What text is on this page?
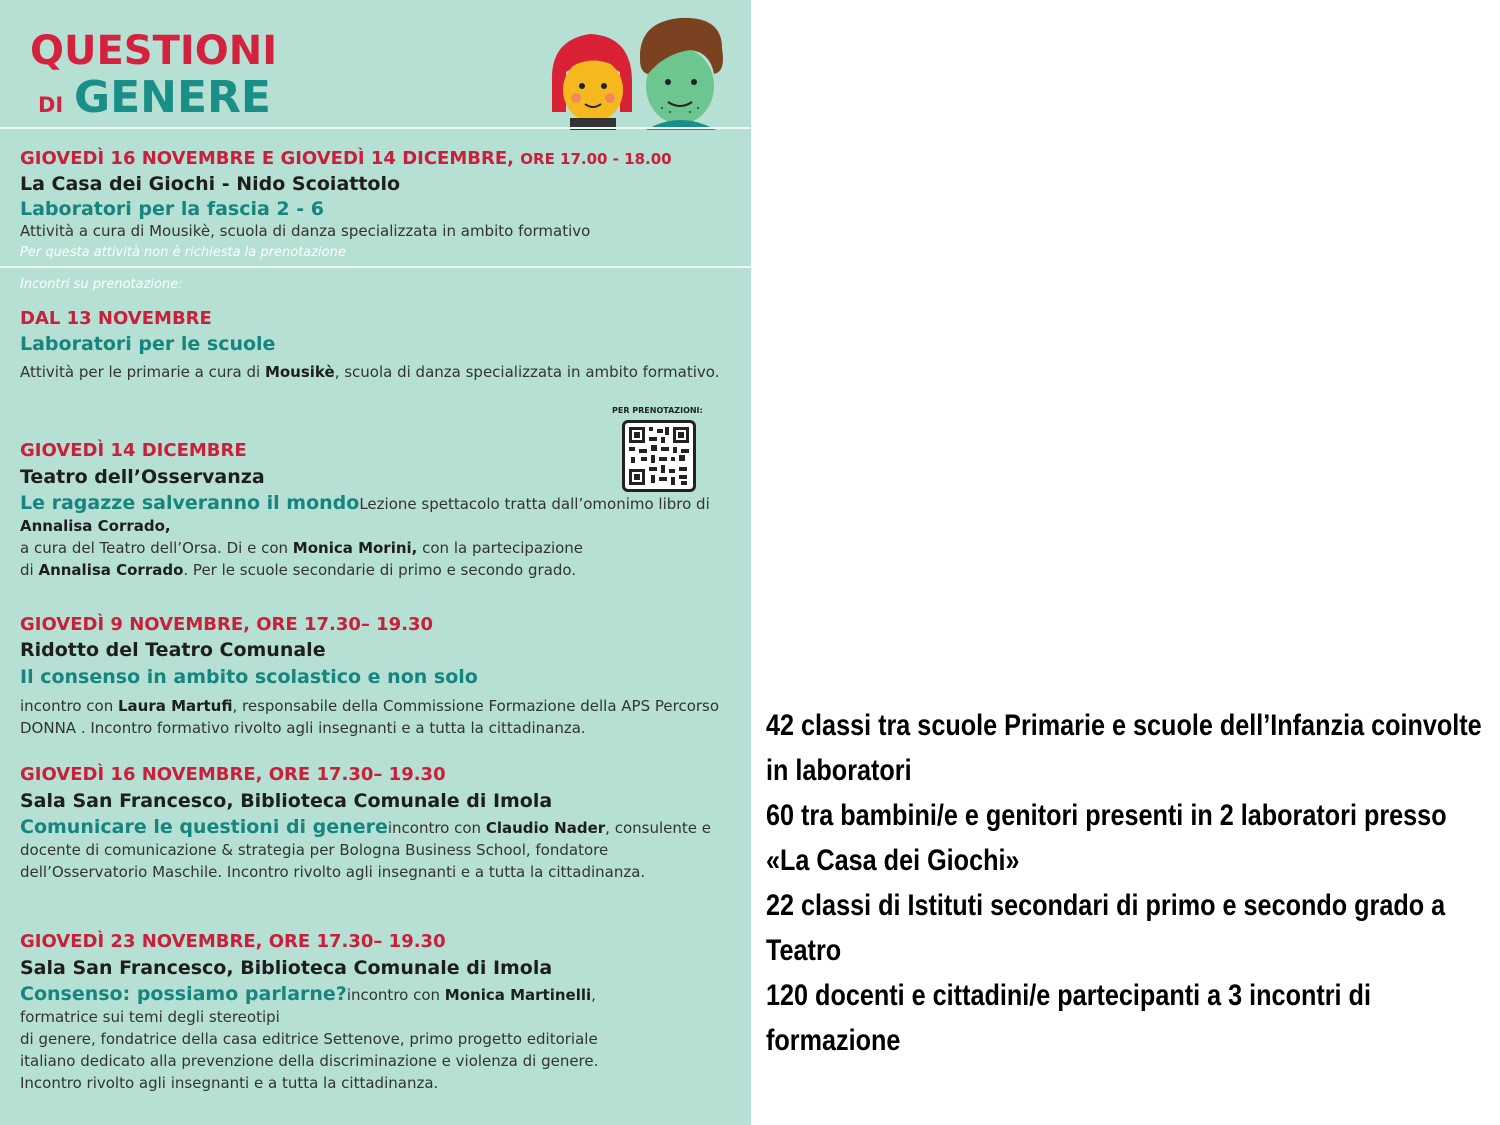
QUESTIONI
DI GENERE
GIOVEDÌ 16 NOVEMBRE E GIOVEDÌ 14 DICEMBRE, ORE 17.00 - 18.00
La Casa dei Giochi - Nido Scoiattolo
Laboratori per la fascia 2 - 6
Attività a cura di Mousikè, scuola di danza specializzata in ambito formativo
Per questa attività non è richiesta la prenotazione
Incontri su prenotazione:
DAL 13 NOVEMBRE
Laboratori per le scuole
Attività per le primarie a cura di Mousikè, scuola di danza specializzata in ambito formativo.
PER PRENOTAZIONI:
GIOVEDÌ 14 DICEMBRE
Teatro dell’Osservanza
Le ragazze salveranno il mondoLezione spettacolo tratta dall’omonimo libro di Annalisa Corrado,
a cura del Teatro dell’Orsa. Di e con Monica Morini, con la partecipazione
di Annalisa Corrado. Per le scuole secondarie di primo e secondo grado.
GIOVEDÌ 9 NOVEMBRE, ORE 17.30– 19.30
Ridotto del Teatro Comunale
Il consenso in ambito scolastico e non solo
incontro con Laura Martufi, responsabile della Commissione Formazione della APS Percorso DONNA . Incontro formativo rivolto agli insegnanti e a tutta la cittadinanza.
GIOVEDÌ 16 NOVEMBRE, ORE 17.30– 19.30
Sala San Francesco, Biblioteca Comunale di Imola
Comunicare le questioni di genereincontro con Claudio Nader, consulente e docente di comunicazione & strategia per Bologna Business School, fondatore dell’Osservatorio Maschile. Incontro rivolto agli insegnanti e a tutta la cittadinanza.
GIOVEDÌ 23 NOVEMBRE, ORE 17.30– 19.30
Sala San Francesco, Biblioteca Comunale di Imola
Consenso: possiamo parlarne?incontro con Monica Martinelli,
formatrice sui temi degli stereotipi
di genere, fondatrice della casa editrice Settenove, primo progetto editoriale italiano dedicato alla prevenzione della discriminazione e violenza di genere. Incontro rivolto agli insegnanti e a tutta la cittadinanza.
42 classi tra scuole Primarie e scuole dell’Infanzia coinvolte in laboratori
60 tra bambini/e e genitori presenti in 2 laboratori presso «La Casa dei Giochi»
22 classi di Istituti secondari di primo e secondo grado a Teatro
120 docenti e cittadini/e partecipanti a 3 incontri di formazione
